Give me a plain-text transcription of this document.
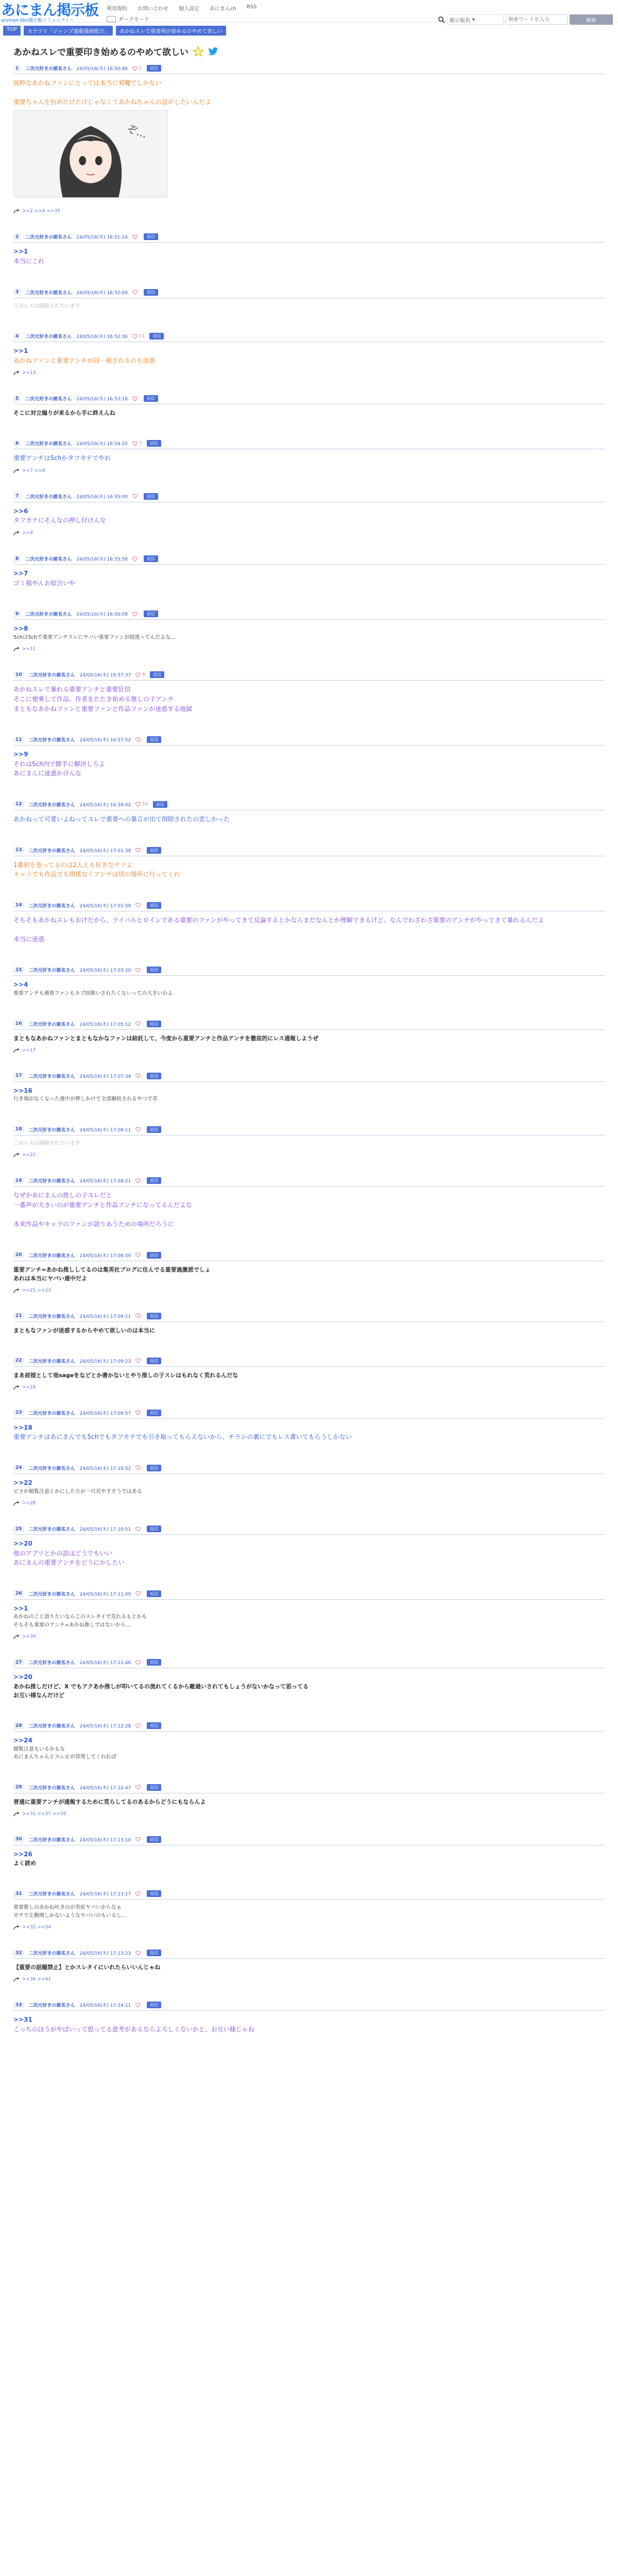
あにまん掲示板
animan-bbs掲示板コミュニティー
利用規約 お問い合わせ 個人設定 あにまんch RSS
ダークモード	掲示板名 ▾
検索ワードを入力	検索
TOP	カテゴリ「ジャンプ連載漫画総合」	あかねスレで重要荷が始めるのやめて欲しい
あかねスレで重要印き始めるのやめて欲しい
1	二次元好きの匿名さん 24/05/16(木) 16:50:46 1	返信
純粋なあかねファンにとっては本当に邪魔でしかない

重要ちゃんを抗めたけたけじゃなくてあかねちゃんの話がしたいんだよ
ぞ…
>>2 >>4 >>35
2	二次元好きの匿名さん 24/05/16(木) 16:51:24	返信
>>1
本当にこれ
3	二次元好きの匿名さん 24/05/16(木) 16:52:09	返信
このレスは削除されています
4	二次元好きの匿名さん 24/05/16(木) 16:52:36 11	返信
>>1
あかねファンと重要アンチが同一視されるのも迷惑
>>13
5	二次元好きの匿名さん 24/05/16(木) 16:53:18	返信
そこに対立煽りが来るから手に終えんね
6	二次元好きの匿名さん 24/05/16(木) 16:54:20 7	返信
重要アンチは5chかタフカテでやれ
>>7 >>8
7	二次元好きの匿名さん 24/05/16(木) 16:55:00	返信
>>6
タフカテにそんなの押し付けんな
>>9
8	二次元好きの匿名さん 24/05/16(木) 16:55:58	返信
>>7
ゴミ箱やんお似合いや
9	二次元好きの匿名さん 24/05/16(木) 16:56:09	返信
>>8
5chは5chで重要アンチスレにヤバい重要ファンが殴逃ってんだよな…
>>11
10	二次元好きの匿名さん 24/05/16(木) 16:57:37 8	返信
あかねスレで暴れる重要アンチと重要狂信
そこに便乗して作品、作者をたたき始める推しの子アンチ
まともなあかねファンと重要ファンと作品ファンが迷惑する地獄
11	二次元好きの匿名さん 24/05/16(木) 16:57:52	返信
>>9
それは5ch内で勝手に解決しろよ
あにまんに迷惑かけんな
12	二次元好きの匿名さん 24/05/16(木) 16:58:02 10	返信
あかねって可愛いよねってスレで重要への暴言が出て削除されたの悲しかった
13	二次元好きの匿名さん 24/05/16(木) 17:01:39	返信
1番初を巻ってるのは2人とも好きなヤツよ
キャラでも作品でも関係なくアンチは別の場所に行ってくれ
14	二次元好きの匿名さん 24/05/16(木) 17:01:59	返信
そもそもあかねスレもおけだから、ライバルヒロインである重要のファンがやってきて反論するとかならまだなんとか理解できるけど。なんでわざわざ重要のアンチがやってきて暴れるんだよ

本当に迷惑
15	二次元好きの匿名さん 24/05/16(木) 17:03:20	返信
>>4
重要アンチも被重ファンもカプ固推いされたくないっての大きいわよ
16	二次元好きの匿名さん 24/05/16(木) 17:05:12	返信
まともなあかねファンとまともなかなファンは結託して、今度から重要アンチと作品アンチを徹底的にレス通報しようぜ
>>17
17	二次元好きの匿名さん 24/05/16(木) 17:07:34	返信
>>16
行き場がなくなった連中が押しかけて全部継続されるやつで草
18	二次元好きの匿名さん 24/05/16(木) 17:08:11	返信
このレスは削除されています
>>22
19	二次元好きの匿名さん 24/05/16(木) 17:08:21	返信
なぜかあにまんの推しの子スレだと
一番声が大きいのが重要アンチと作品アンチになってるんだよな

本来作品やキャラのファンが語りあうための場所だろうに
20	二次元好きの匿名さん 24/05/16(木) 17:08:59	返信
重要アンチ=あかね推ししてるのは集英社ブログに住んでる重要過激派でしょ
あれは本当にヤバい連中だよ
>>21 >>23
21	二次元好きの匿名さん 24/05/16(木) 17:09:11	返信
まともなファンが迷惑するからやめて欲しいのは本当に
22	二次元好きの匿名さん 24/05/16(木) 17:09:23	返信
まあ前提として他sageをなどとか書かないとやり推しの子スレはもれなく荒れるんだな
>>24
23	二次元好きの匿名さん 24/05/16(木) 17:09:57	返信
>>18
重要アンチはあにまんでも5chでもタフカテでも引き取ってもらえないから、チラシの裏にでもレス書いてもらうしかない
24	二次元好きの匿名さん 24/05/16(木) 17:10:52	返信
>>22
ビラか閲覧注意とかにした方が一旦荒やすそうではある
>>26
25	二次元好きの匿名さん 24/05/16(木) 17:10:51	返信
>>20
他のアプリとかの話はどうでもいい
あにまんの重要アンチをどうにかしたい
26	二次元好きの匿名さん 24/05/16(木) 17:11:09	返信
>>1
あかねのこと語りたいならこのスレタイで荒れるもとかも
そもそも重要のアンチ=あかね推しではないから…
>>30
27	二次元好きの匿名さん 24/05/16(木) 17:11:46	返信
>>20
あかね推しだけど、X でもアクあか推しが叩いてるの流れてくるから敵過いされてもしょうがないかなって思ってる
お互い様なんだけど
28	二次元好きの匿名さん 24/05/16(木) 17:12:28	返信
>>24
閲覧注意もいるかもな
あにまんちゃんとスレ止が管理してくれれば
29	二次元好きの匿名さん 24/05/16(木) 17:12:47	返信
普通に重要アンチが通報するために荒らしてるのあるからどうにもならんよ
>>31 >>37 >>39
30	二次元好きの匿名さん 24/05/16(木) 17:13:10	返信
>>26
よく読め
31	二次元好きの匿名さん 24/05/16(木) 17:13:17	返信
重要推しのあかね吐きのが炎症ヤバいからなぁ
ガチで左腕関しかないようなヤバいのもいるし…
>>32 >>34
32	二次元好きの匿名さん 24/05/16(木) 17:13:23	返信
【重要の話題禁止】とかスレタイにいれたらいいんじゃね
>>36 >>41
33	二次元好きの匿名さん 24/05/16(木) 17:14:11	返信
>>31
こっちのほうがやばいって思ってる意考があるならよろしくないかと、お互い様じゃね
